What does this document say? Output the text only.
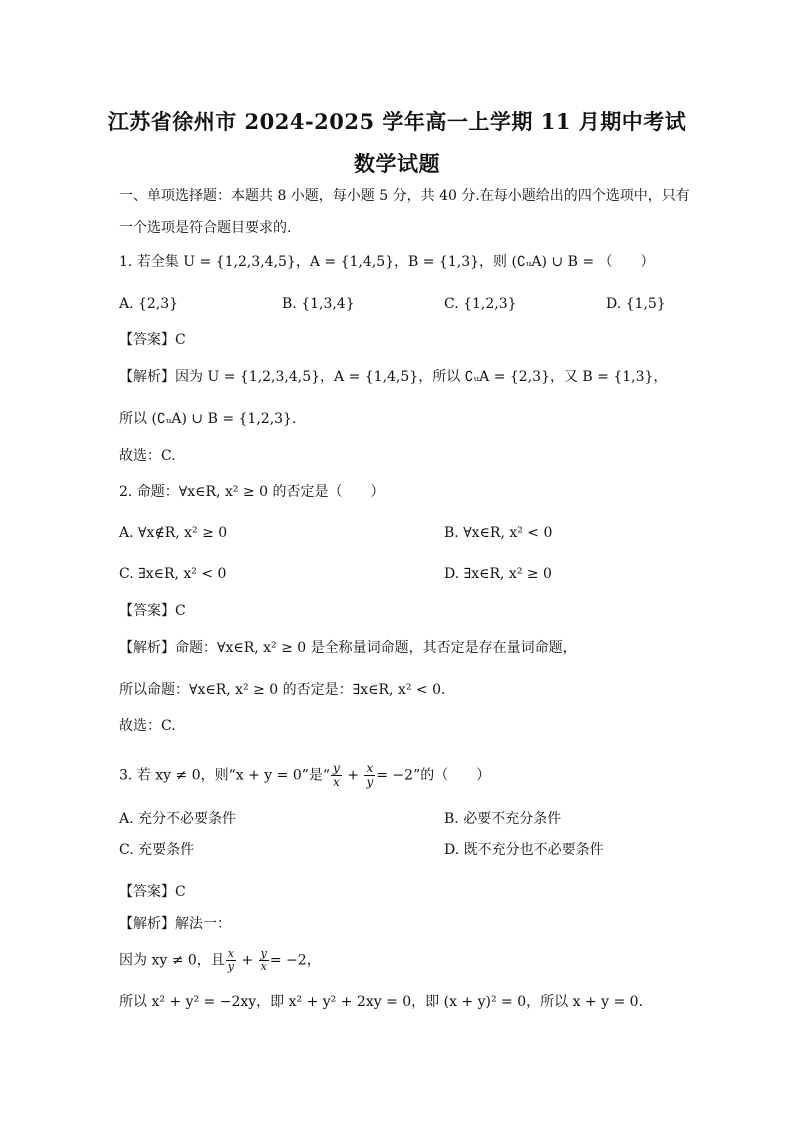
江苏省徐州市 2024-2025 学年高一上学期 11 月期中考试
数学试题
一、单项选择题：本题共 8 小题，每小题 5 分，共 40 分.在每小题给出的四个选项中，只有
一个选项是符合题目要求的.
1. 若全集 U = {1,2,3,4,5}，A = {1,4,5}，B = {1,3}，则 (∁ᵤA) ∪ B = （　　）
A. {2,3}	B. {1,3,4}	C. {1,2,3}	D. {1,5}
【答案】C
【解析】因为 U = {1,2,3,4,5}，A = {1,4,5}，所以 ∁ᵤA = {2,3}，又 B = {1,3}，
所以 (∁ᵤA) ∪ B = {1,2,3}.
故选：C.
2. 命题：∀x∈R, x² ≥ 0 的否定是（　　）
A. ∀x∉R, x² ≥ 0	B. ∀x∈R, x² < 0
C. ∃x∈R, x² < 0	D. ∃x∈R, x² ≥ 0
【答案】C
【解析】命题：∀x∈R, x² ≥ 0 是全称量词命题，其否定是存在量词命题，
所以命题：∀x∈R, x² ≥ 0 的否定是：∃x∈R, x² < 0.
故选：C.
3. 若 xy ≠ 0，则“x + y = 0”是“ $\frac{y}{x} + \frac{x}{y} = -2$”的（　　）
A. 充分不必要条件	B. 必要不充分条件
C. 充要条件	D. 既不充分也不必要条件
【答案】C
【解析】解法一：
因为 xy ≠ 0，且 $\frac{x}{y} + \frac{y}{x} = -2$，
所以 x² + y² = −2xy，即 x² + y² + 2xy = 0，即 (x + y)² = 0，所以 x + y = 0.
